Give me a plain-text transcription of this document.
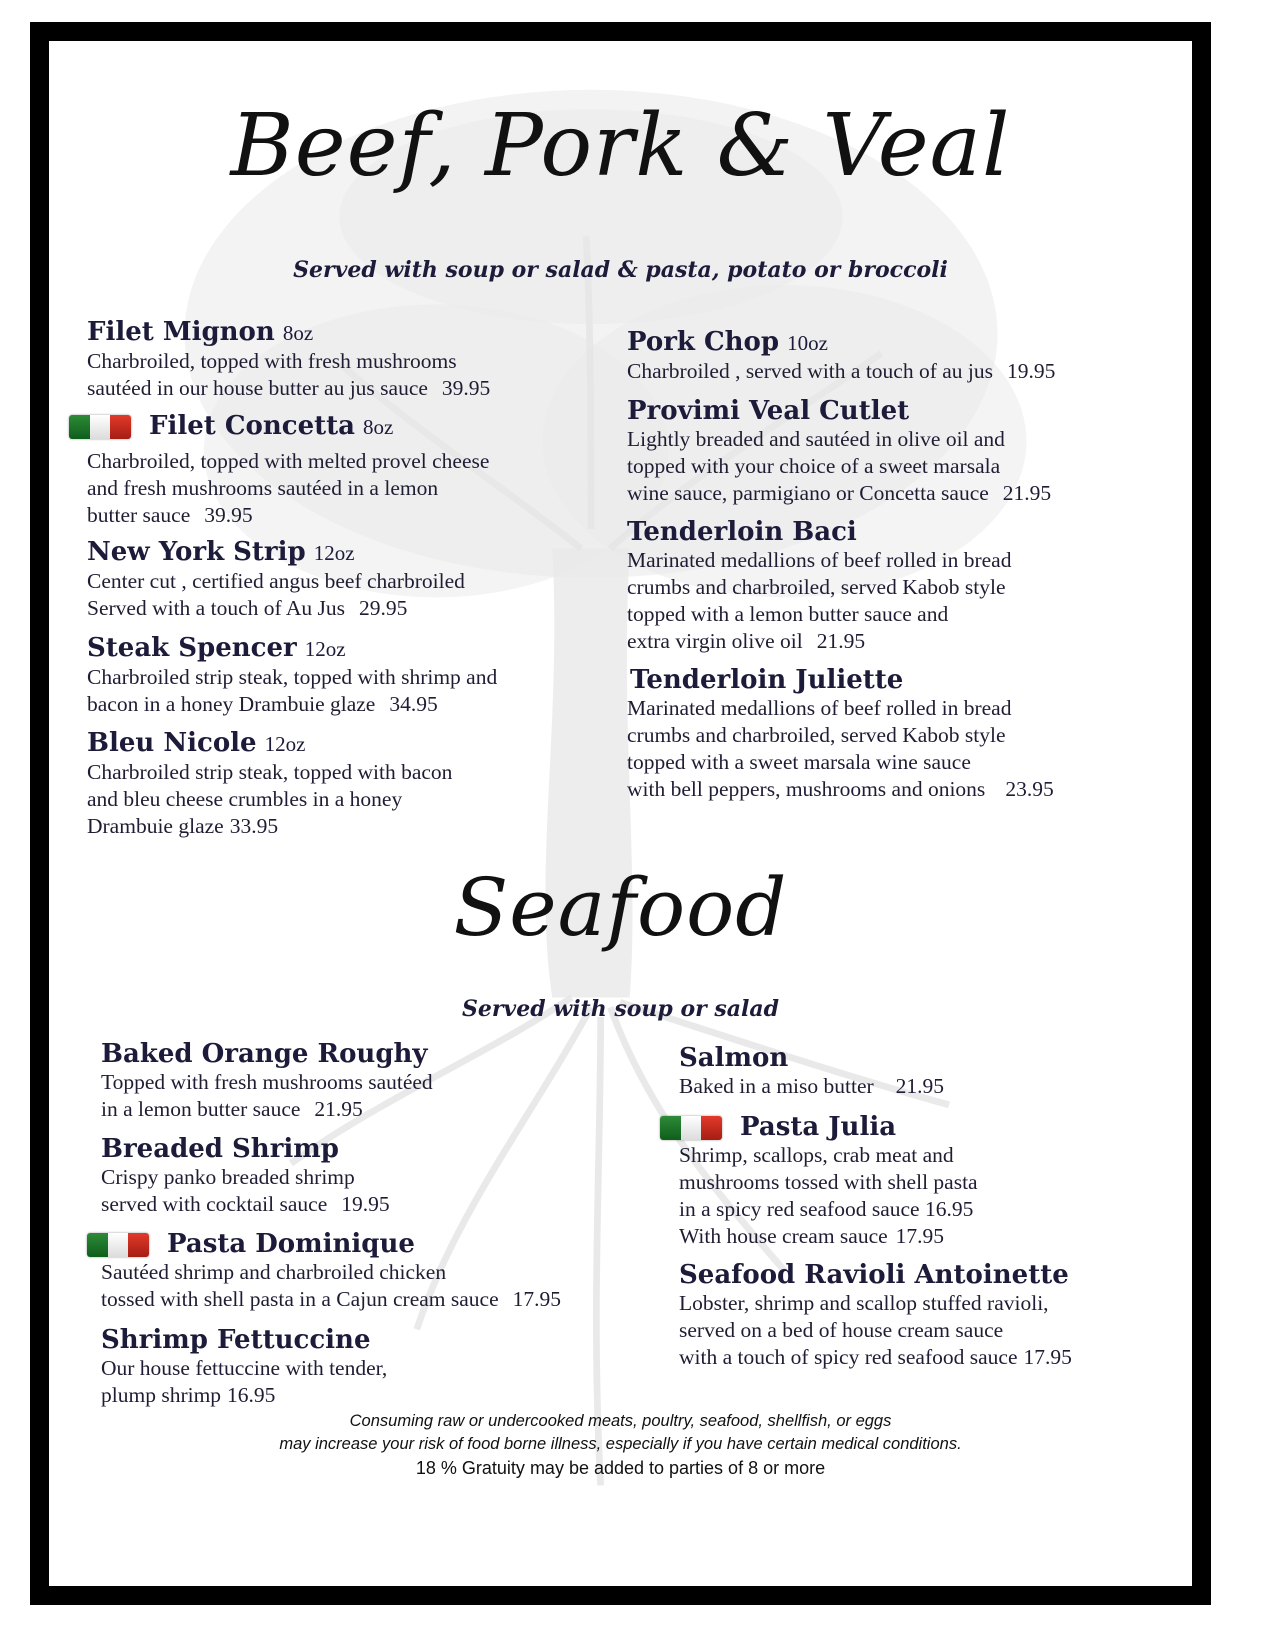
Beef, Pork & Veal
Served with soup or salad & pasta, potato or broccoli
Filet Mignon 8oz
Charbroiled, topped with fresh mushrooms
sautéed in our house butter au jus sauce 39.95
Filet Concetta 8oz
Charbroiled, topped with melted provel cheese
and fresh mushrooms sautéed in a lemon
butter sauce 39.95
New York Strip 12oz
Center cut , certified angus beef charbroiled
Served with a touch of Au Jus 29.95
Steak Spencer 12oz
Charbroiled strip steak, topped with shrimp and
bacon in a honey Drambuie glaze 34.95
Bleu Nicole 12oz
Charbroiled strip steak, topped with bacon
and bleu cheese crumbles in a honey
Drambuie glaze 33.95
Pork Chop 10oz
Charbroiled , served with a touch of au jus 19.95
Provimi Veal Cutlet
Lightly breaded and sautéed in olive oil and
topped with your choice of a sweet marsala
wine sauce, parmigiano or Concetta sauce 21.95
Tenderloin Baci
Marinated medallions of beef rolled in bread
crumbs and charbroiled, served Kabob style
topped with a lemon butter sauce and
extra virgin olive oil 21.95
Tenderloin Juliette
Marinated medallions of beef rolled in bread
crumbs and charbroiled, served Kabob style
topped with a sweet marsala wine sauce
with bell peppers, mushrooms and onions 23.95
Seafood
Served with soup or salad
Baked Orange Roughy
Topped with fresh mushrooms sautéed
in a lemon butter sauce 21.95
Breaded Shrimp
Crispy panko breaded shrimp
served with cocktail sauce 19.95
Pasta Dominique
Sautéed shrimp and charbroiled chicken
tossed with shell pasta in a Cajun cream sauce 17.95
Shrimp Fettuccine
Our house fettuccine with tender,
plump shrimp 16.95
Salmon
Baked in a miso butter 21.95
Pasta Julia
Shrimp, scallops, crab meat and
mushrooms tossed with shell pasta
in a spicy red seafood sauce 16.95
With house cream sauce 17.95
Seafood Ravioli Antoinette
Lobster, shrimp and scallop stuffed ravioli,
served on a bed of house cream sauce
with a touch of spicy red seafood sauce 17.95
Consuming raw or undercooked meats, poultry, seafood, shellfish, or eggs
may increase your risk of food borne illness, especially if you have certain medical conditions.
18 % Gratuity may be added to parties of 8 or more
